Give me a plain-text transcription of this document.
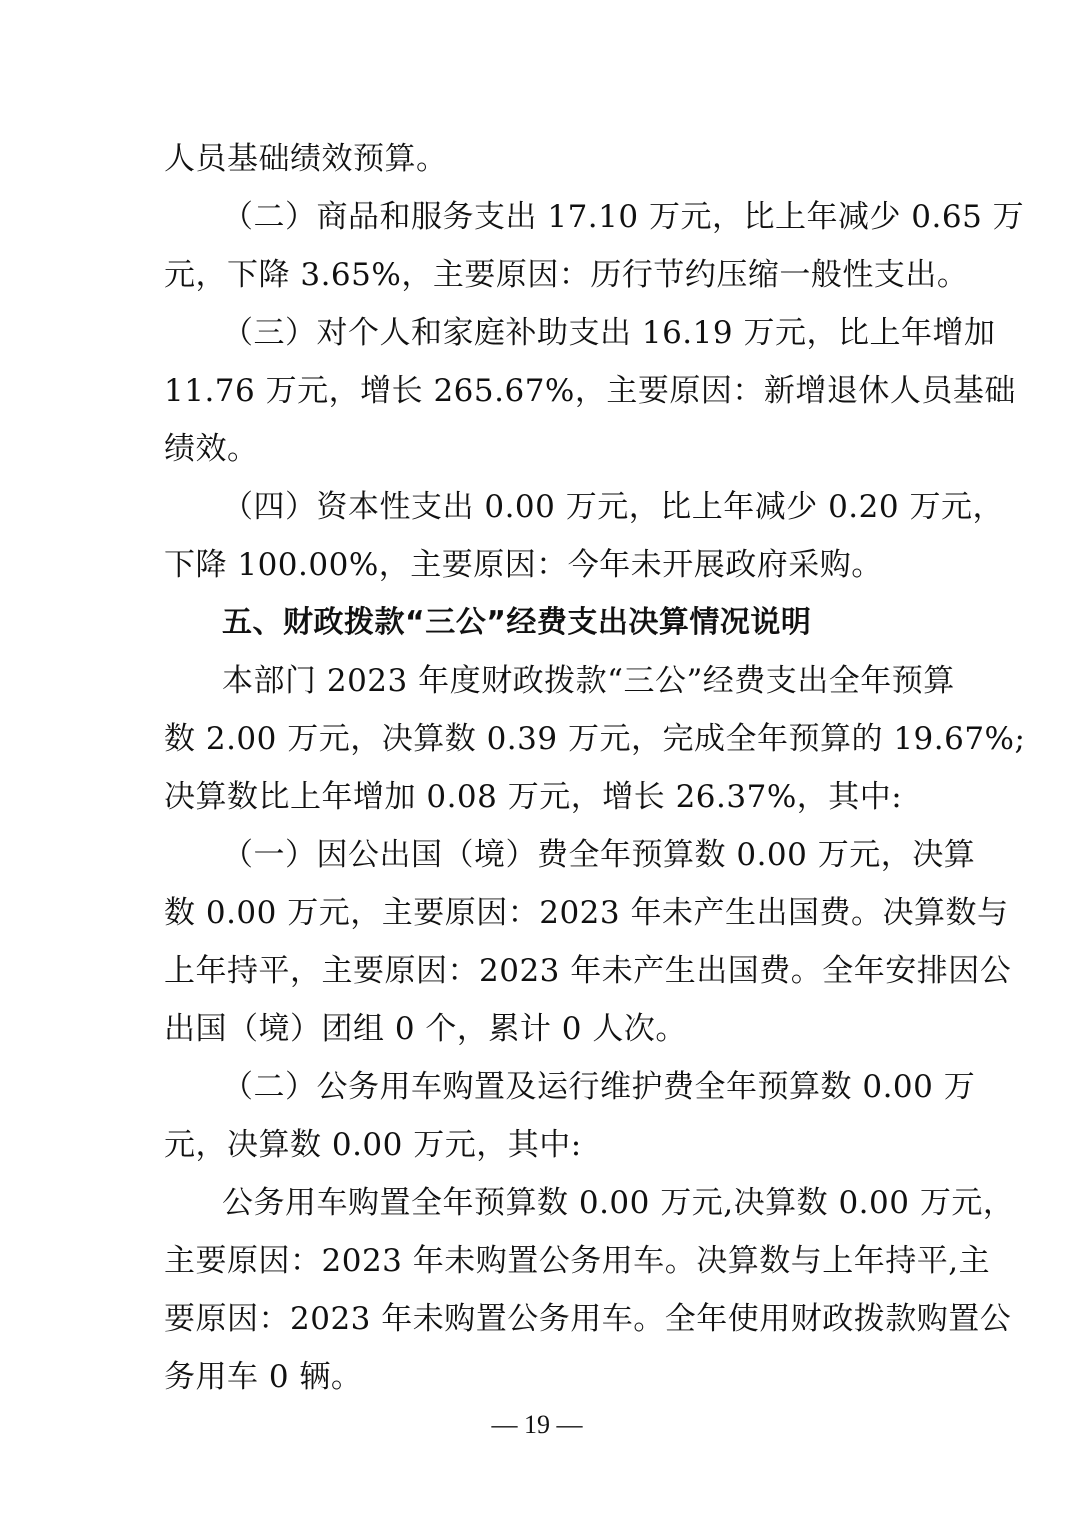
人员基础绩效预算。
（二）商品和服务支出 17.10 万元，比上年减少 0.65 万
元，下降 3.65%，主要原因：历行节约压缩一般性支出。
（三）对个人和家庭补助支出 16.19 万元，比上年增加
11.76 万元，增长 265.67%，主要原因：新增退休人员基础
绩效。
（四）资本性支出 0.00 万元，比上年减少 0.20 万元，
下降 100.00%，主要原因：今年未开展政府采购。
五、财政拨款“三公”经费支出决算情况说明
本部门 2023 年度财政拨款“三公”经费支出全年预算
数 2.00 万元，决算数 0.39 万元，完成全年预算的 19.67%;
决算数比上年增加 0.08 万元，增长 26.37%，其中:
（一）因公出国（境）费全年预算数 0.00 万元，决算
数 0.00 万元，主要原因：2023 年未产生出国费。决算数与
上年持平，主要原因：2023 年未产生出国费。全年安排因公
出国（境）团组 0 个，累计 0 人次。
（二）公务用车购置及运行维护费全年预算数 0.00 万
元，决算数 0.00 万元，其中:
公务用车购置全年预算数 0.00 万元,决算数 0.00 万元，
主要原因：2023 年未购置公务用车。决算数与上年持平,主
要原因：2023 年未购置公务用车。全年使用财政拨款购置公
务用车 0 辆。
— 19 —
